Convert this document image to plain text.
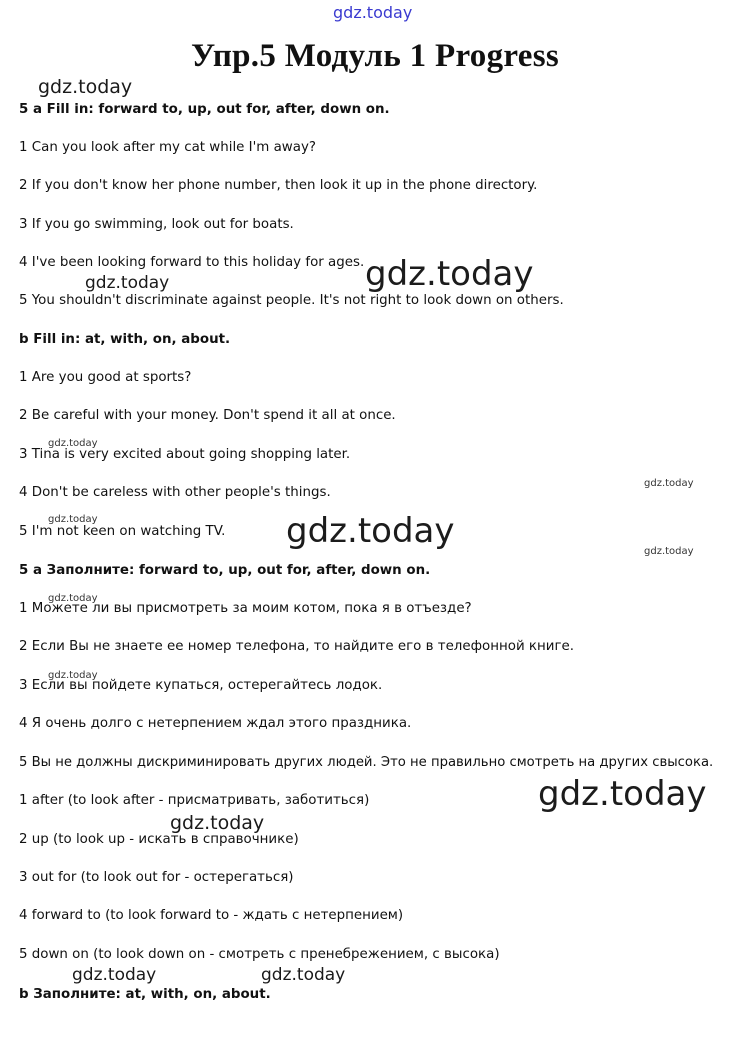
gdz.today
gdz.today
gdz.today
gdz.today
gdz.today
gdz.today
gdz.today	gdz.today
gdz.today
gdz.today
gdz.today
gdz.today
gdz.today
gdz.today	gdz.today
Упр.5 Модуль 1 Progress
5 a Fill in: forward to, up, out for, after, down on.
1 Can you look after my cat while I'm away?
2 If you don't know her phone number, then look it up in the phone directory.
3 If you go swimming, look out for boats.
4 I've been looking forward to this holiday for ages.
5 You shouldn't discriminate against people. It's not right to look down on others.
b Fill in: at, with, on, about.
1 Are you good at sports?
2 Be careful with your money. Don't spend it all at once.
3 Tina is very excited about going shopping later.
4 Don't be careless with other people's things.
5 I'm not keen on watching TV.
5 а Заполните: forward to, up, out for, after, down on.
1 Можете ли вы присмотреть за моим котом, пока я в отъезде?
2 Если Вы не знаете ее номер телефона, то найдите его в телефонной книге.
3 Если вы пойдете купаться, остерегайтесь лодок.
4 Я очень долго с нетерпением ждал этого праздника.
5 Вы не должны дискриминировать других людей. Это не правильно смотреть на других свысока.
1 after (to look after - присматривать, заботиться)
2 up (to look up - искать в справочнике)
3 out for (to look out for - остерегаться)
4 forward to (to look forward to - ждать с нетерпением)
5 down on (to look down on - смотреть с пренебрежением, с высока)
b Заполните: at, with, on, about.
